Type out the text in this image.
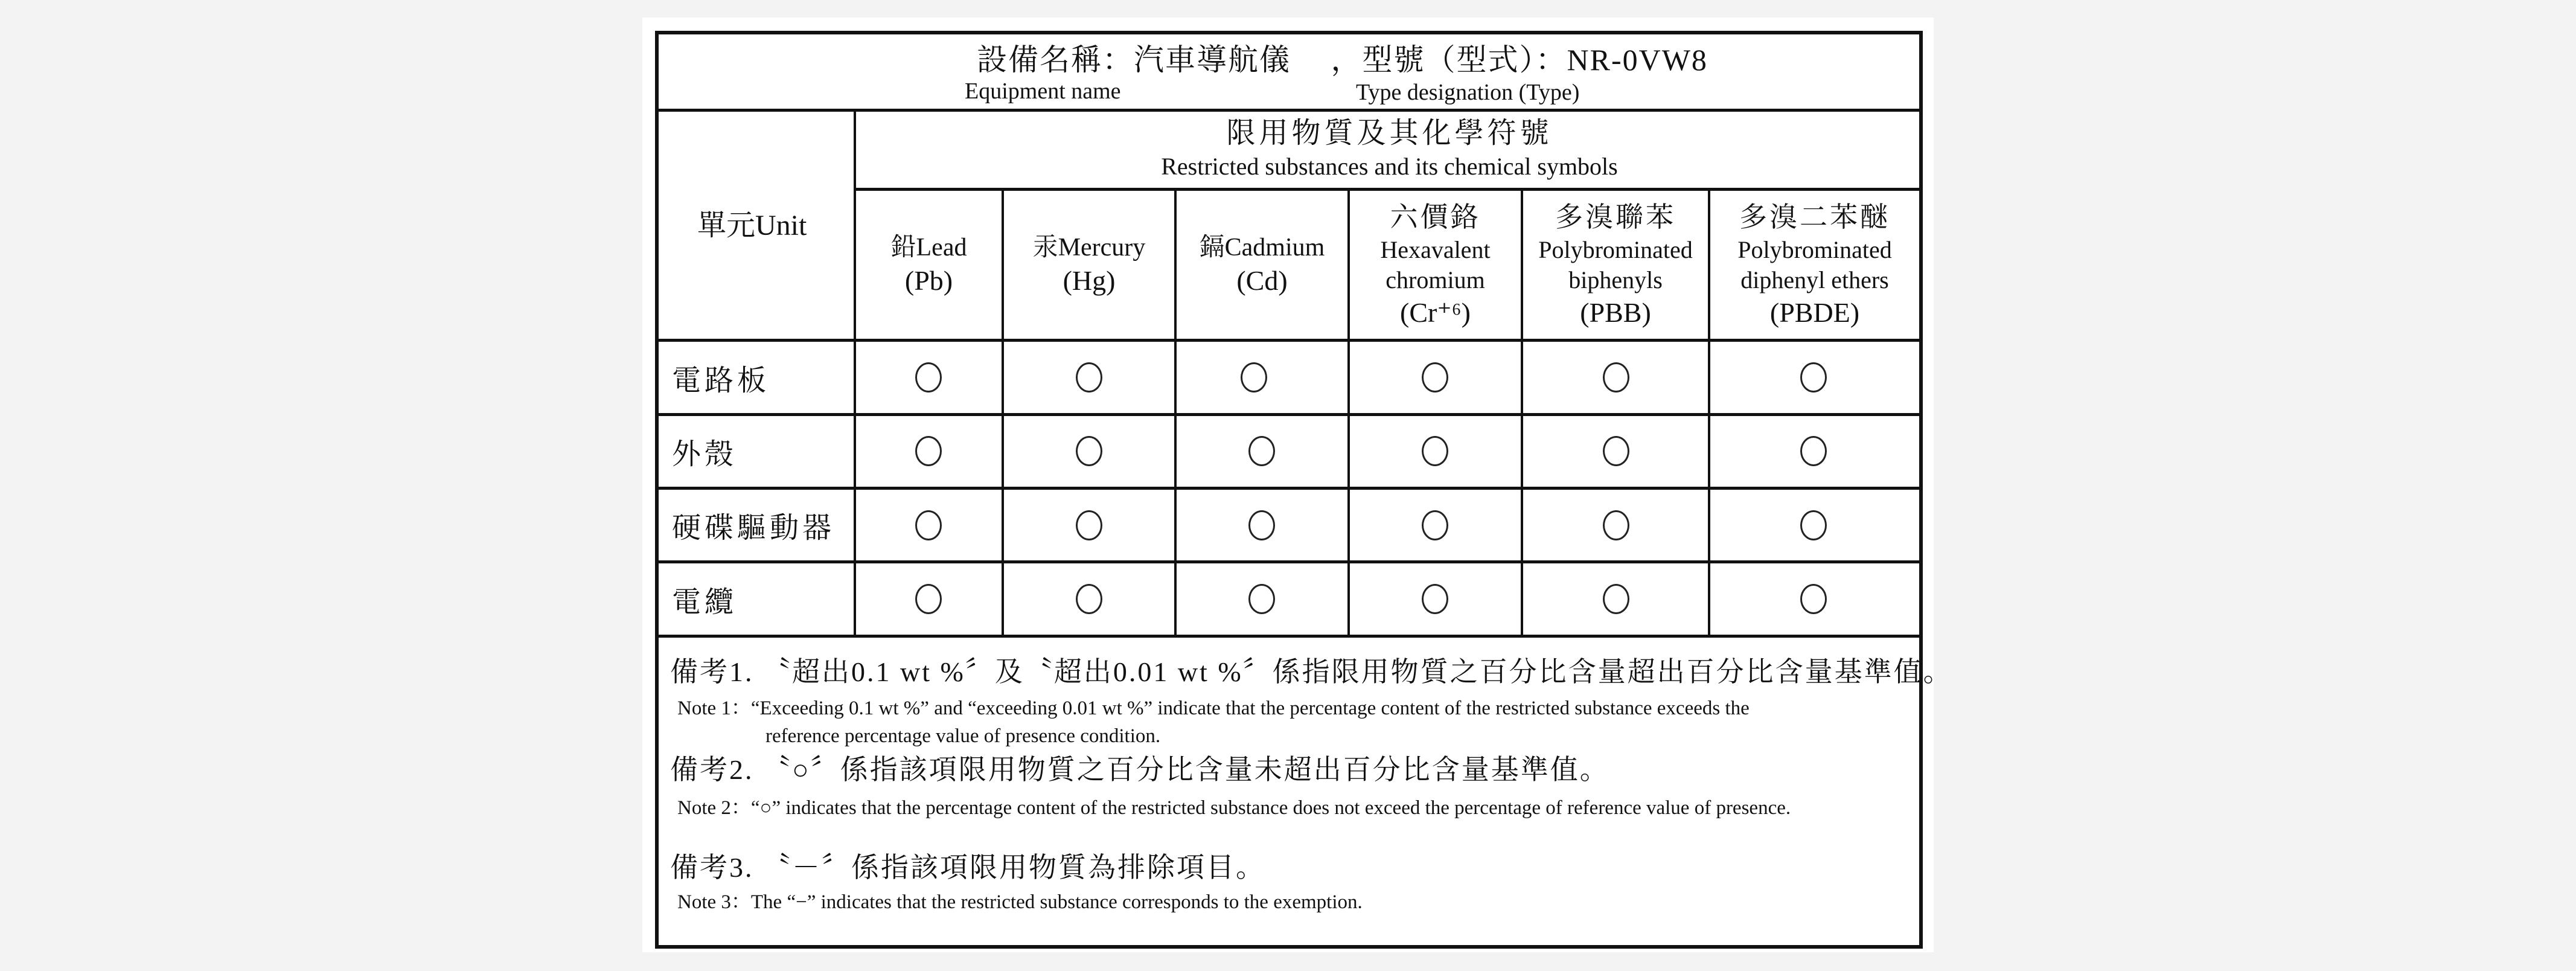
設備名稱：汽車導航儀　 ，型號（型式）：NR-0VW8
Equipment name	Type designation (Type)
單元Unit
限用物質及其化學符號
Restricted substances and its chemical symbols
鉛Lead
(Pb)
汞Mercury
(Hg)
鎘Cadmium
(Cd)
六價鉻
Hexavalent
chromium
(Cr⁺⁶)
多溴聯苯
Polybrominated
biphenyls
(PBB)
多溴二苯醚
Polybrominated
diphenyl ethers
(PBDE)
電路板
外殼
硬碟驅動器
電纜
備考1. 〝超出0.1 wt %〞及〝超出0.01 wt %〞係指限用物質之百分比含量超出百分比含量基準值。
Note 1：“Exceeding 0.1 wt %” and “exceeding 0.01 wt %” indicate that the percentage content of the restricted substance exceeds the
reference percentage value of presence condition.
備考2. 〝○〞係指該項限用物質之百分比含量未超出百分比含量基準值。
Note 2：“○” indicates that the percentage content of the restricted substance does not exceed the percentage of reference value of presence.
備考3. 〝－〞係指該項限用物質為排除項目。
Note 3：The “−” indicates that the restricted substance corresponds to the exemption.
